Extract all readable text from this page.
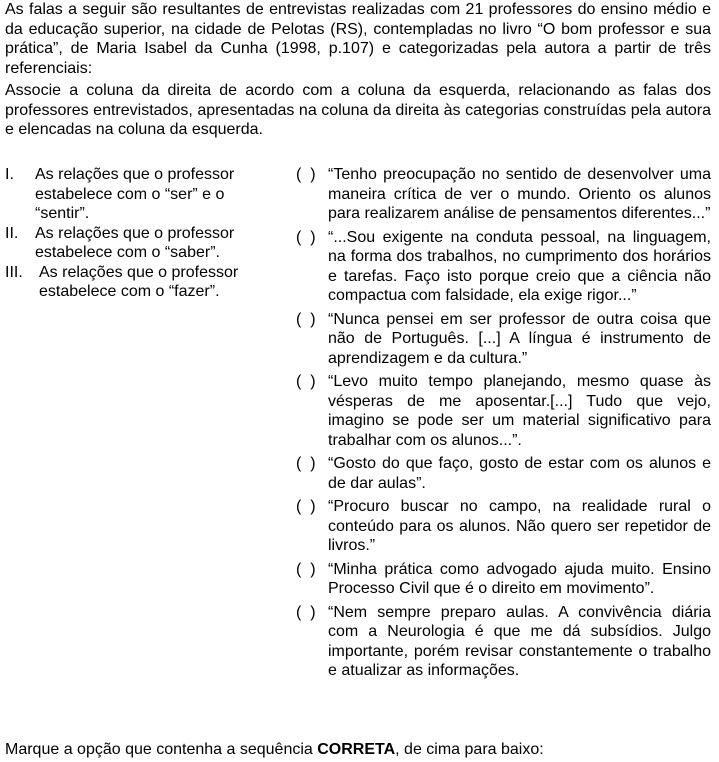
As falas a seguir são resultantes de entrevistas realizadas com 21 professores do ensino médio e da educação superior, na cidade de Pelotas (RS), contempladas no livro “O bom professor e sua prática”, de Maria Isabel da Cunha (1998, p.107) e categorizadas pela autora a partir de três referenciais:

Associe a coluna da direita de acordo com a coluna da esquerda, relacionando as falas dos professores entrevistados, apresentadas na coluna da direita às categorias construídas pela autora e elencadas na coluna da esquerda.

I. As relações que o professor estabelece com o “ser” e o “sentir”.
II. As relações que o professor estabelece com o “saber”.
III. As relações que o professor estabelece com o “fazer”.
(  ) “Tenho preocupação no sentido de desenvolver uma maneira crítica de ver o mundo. Oriento os alunos para realizarem análise de pensamentos diferentes...”
(  ) “...Sou exigente na conduta pessoal, na linguagem, na forma dos trabalhos, no cumprimento dos horários e tarefas. Faço isto porque creio que a ciência não compactua com falsidade, ela exige rigor...”
(  ) “Nunca pensei em ser professor de outra coisa que não de Português. [...] A língua é instrumento de aprendizagem e da cultura.”
(  ) “Levo muito tempo planejando, mesmo quase às vésperas de me aposentar.[...] Tudo que vejo, imagino se pode ser um material significativo para trabalhar com os alunos...”.
(  ) “Gosto do que faço, gosto de estar com os alunos e de dar aulas”.
(  ) “Procuro buscar no campo, na realidade rural o conteúdo para os alunos. Não quero ser repetidor de livros.”
(  ) “Minha prática como advogado ajuda muito. Ensino Processo Civil que é o direito em movimento”.
(  ) “Nem sempre preparo aulas. A convivência diária com a Neurologia é que me dá subsídios. Julgo importante, porém revisar constantemente o trabalho e atualizar as informações.

Marque a opção que contenha a sequência CORRETA, de cima para baixo:
